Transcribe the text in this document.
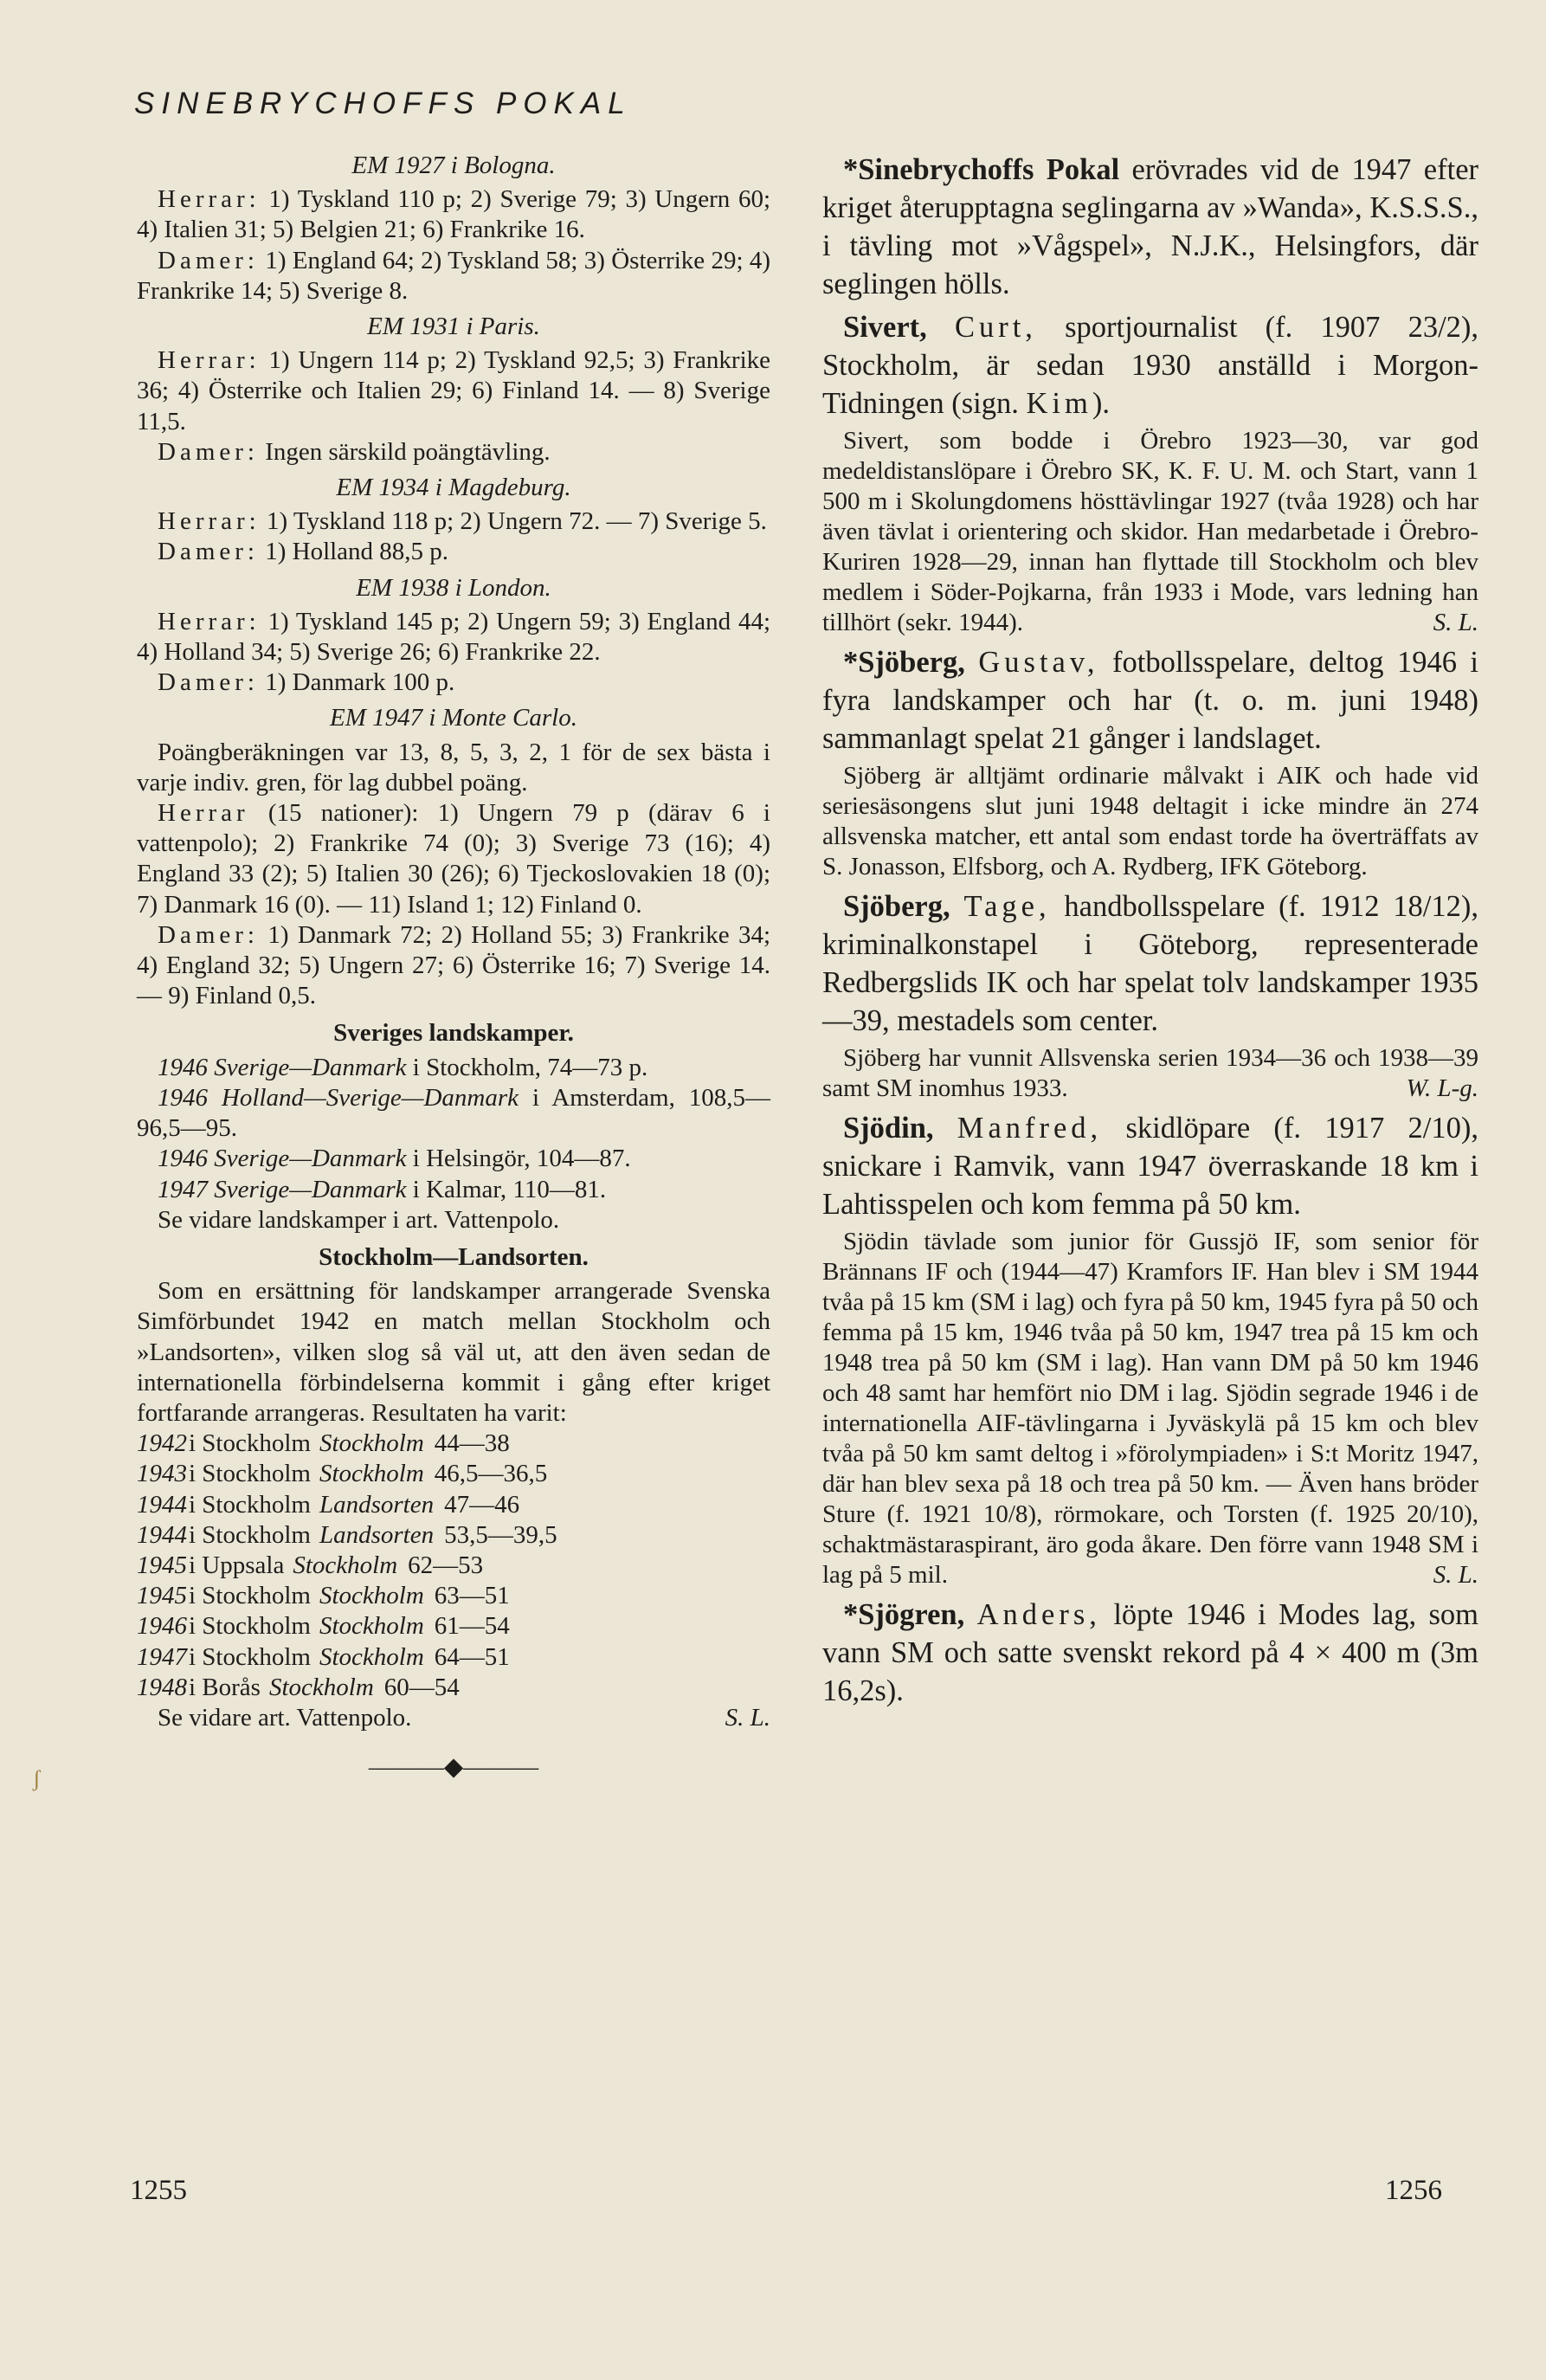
SINEBRYCHOFFS POKAL
EM 1927 i Bologna.

Herrar: 1) Tyskland 110 p; 2) Sverige 79; 3) Ungern 60; 4) Italien 31; 5) Belgien 21; 6) Frankrike 16.

Damer: 1) England 64; 2) Tyskland 58; 3) Österrike 29; 4) Frankrike 14; 5) Sverige 8.

EM 1931 i Paris.

Herrar: 1) Ungern 114 p; 2) Tyskland 92,5; 3) Frankrike 36; 4) Österrike och Italien 29; 6) Finland 14. — 8) Sverige 11,5.

Damer: Ingen särskild poängtävling.

EM 1934 i Magdeburg.

Herrar: 1) Tyskland 118 p; 2) Ungern 72. — 7) Sverige 5.

Damer: 1) Holland 88,5 p.

EM 1938 i London.

Herrar: 1) Tyskland 145 p; 2) Ungern 59; 3) England 44; 4) Holland 34; 5) Sverige 26; 6) Frankrike 22.

Damer: 1) Danmark 100 p.

EM 1947 i Monte Carlo.

Poängberäkningen var 13, 8, 5, 3, 2, 1 för de sex bästa i varje indiv. gren, för lag dubbel poäng.

Herrar (15 nationer): 1) Ungern 79 p (därav 6 i vattenpolo); 2) Frankrike 74 (0); 3) Sverige 73 (16); 4) England 33 (2); 5) Italien 30 (26); 6) Tjeckoslovakien 18 (0); 7) Danmark 16 (0). — 11) Island 1; 12) Finland 0.

Damer: 1) Danmark 72; 2) Holland 55; 3) Frankrike 34; 4) England 32; 5) Ungern 27; 6) Österrike 16; 7) Sverige 14. — 9) Finland 0,5.

Sveriges landskamper.

1946 Sverige—Danmark i Stockholm, 74—73 p.

1946 Holland—Sverige—Danmark i Amsterdam, 108,5—96,5—95.

1946 Sverige—Danmark i Helsingör, 104—87.

1947 Sverige—Danmark i Kalmar, 110—81.

Se vidare landskamper i art. Vattenpolo.

Stockholm—Landsorten.

Som en ersättning för landskamper arrangerade Svenska Simförbundet 1942 en match mellan Stockholm och »Landsorten», vilken slog så väl ut, att den även sedan de internationella förbindelserna kommit i gång efter kriget fortfarande arrangeras. Resultaten ha varit:

1942 i Stockholm Stockholm 44—38
1943 i Stockholm Stockholm 46,5—36,5
1944 i Stockholm Landsorten 47—46
1944 i Stockholm Landsorten 53,5—39,5
1945 i Uppsala Stockholm 62—53
1945 i Stockholm Stockholm 63—51
1946 i Stockholm Stockholm 61—54
1947 i Stockholm Stockholm 64—51
1948 i Borås Stockholm 60—54

Se vidare art. Vattenpolo.	S. L.

———◆———

*Sinebrychoffs Pokal erövrades vid de 1947 efter kriget återupptagna seglingarna av »Wanda», K.S.S.S., i tävling mot »Vågspel», N.J.K., Helsingfors, där seglingen hölls.

Sivert, Curt, sportjournalist (f. 1907 23/2), Stockholm, är sedan 1930 anställd i Morgon-Tidningen (sign. Kim).

Sivert, som bodde i Örebro 1923—30, var god medeldistanslöpare i Örebro SK, K. F. U. M. och Start, vann 1 500 m i Skolungdomens hösttävlingar 1927 (tvåa 1928) och har även tävlat i orientering och skidor. Han medarbetade i Örebro-Kuriren 1928—29, innan han flyttade till Stockholm och blev medlem i Söder-Pojkarna, från 1933 i Mode, vars ledning han tillhört (sekr. 1944).	S. L.

*Sjöberg, Gustav, fotbollsspelare, deltog 1946 i fyra landskamper och har (t. o. m. juni 1948) sammanlagt spelat 21 gånger i landslaget.

Sjöberg är alltjämt ordinarie målvakt i AIK och hade vid seriesäsongens slut juni 1948 deltagit i icke mindre än 274 allsvenska matcher, ett antal som endast torde ha överträffats av S. Jonasson, Elfsborg, och A. Rydberg, IFK Göteborg.

Sjöberg, Tage, handbollsspelare (f. 1912 18/12), kriminalkonstapel i Göteborg, representerade Redbergslids IK och har spelat tolv landskamper 1935—39, mestadels som center.

Sjöberg har vunnit Allsvenska serien 1934—36 och 1938—39 samt SM inomhus 1933.	W. L-g.

Sjödin, Manfred, skidlöpare (f. 1917 2/10), snickare i Ramvik, vann 1947 överraskande 18 km i Lahtisspelen och kom femma på 50 km.

Sjödin tävlade som junior för Gussjö IF, som senior för Brännans IF och (1944—47) Kramfors IF. Han blev i SM 1944 tvåa på 15 km (SM i lag) och fyra på 50 km, 1945 fyra på 50 och femma på 15 km, 1946 tvåa på 50 km, 1947 trea på 15 km och 1948 trea på 50 km (SM i lag). Han vann DM på 50 km 1946 och 48 samt har hemfört nio DM i lag. Sjödin segrade 1946 i de internationella AIF-tävlingarna i Jyväskylä på 15 km och blev tvåa på 50 km samt deltog i »förolympiaden» i S:t Moritz 1947, där han blev sexa på 18 och trea på 50 km. — Även hans bröder Sture (f. 1921 10/8), rörmokare, och Torsten (f. 1925 20/10), schaktmästaraspirant, äro goda åkare. Den förre vann 1948 SM i lag på 5 mil.	S. L.

*Sjögren, Anders, löpte 1946 i Modes lag, som vann SM och satte svenskt rekord på 4 × 400 m (3m 16,2s).

ʃ
1255	1256
